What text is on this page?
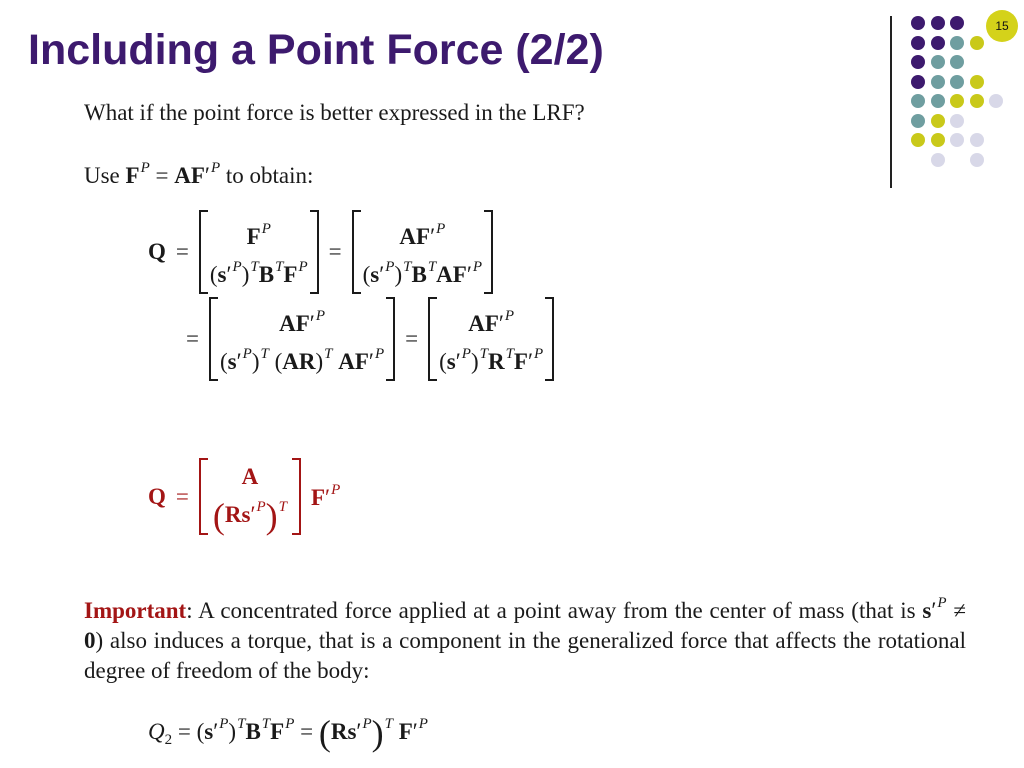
Including a Point Force (2/2)	15
What if the point force is better expressed in the LRF?
Use $F^P = AF'^P$ to obtain:
Q =
$F^P$
$(s'^P)^TB^TF^P$
=
$AF'^P$
$(s'^P)^TB^TAF'^P$
=
$AF'^P$
$(s'^P)^T$ (AR)$^T$ $AF'^P$
=
$AF'^P$
$(s'^P)^TR^TF'^P$
Q =
A
$(Rs'^P)^T$ $F'^P$
Important: A concentrated force applied at a point away from the center of mass (that is $s'^P \ne 0$) also induces a torque, that is a component in the generalized force that affects the rotational degree of freedom of the body:
$Q_2 = (s'^P)^TB^TF^P = (Rs'^P)^T$ $F'^P$
